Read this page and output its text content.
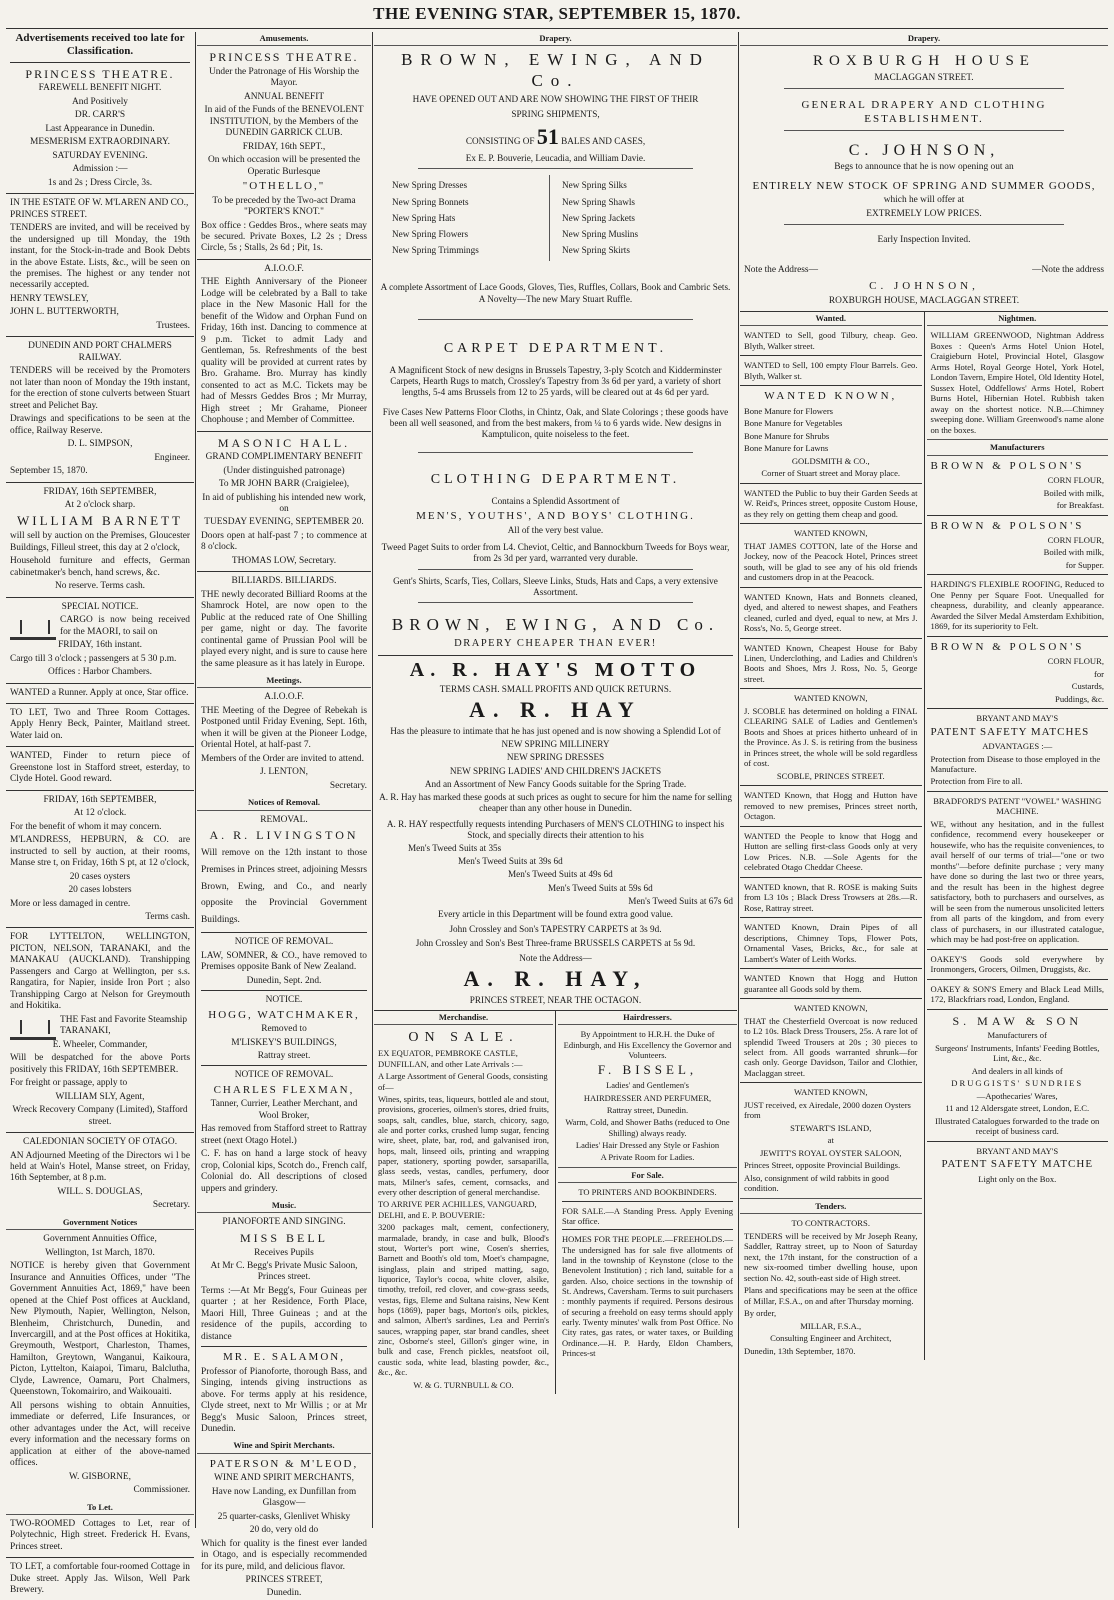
THE EVENING STAR, SEPTEMBER 15, 1870.
Advertisements received too late for Classification.

PRINCESS THEATRE.

FAREWELL BENEFIT NIGHT.

And Positively

DR. CARR'S

Last Appearance in Dunedin.

MESMERISM EXTRAORDINARY.

SATURDAY EVENING.

Admission :—

1s and 2s ; Dress Circle, 3s.

IN THE ESTATE OF W. M'LAREN AND CO., PRINCES STREET.

TENDERS are invited, and will be received by the undersigned up till Monday, the 19th instant, for the Stock-in-trade and Book Debts in the above Estate. Lists, &c., will be seen on the premises. The highest or any tender not necessarily accepted.

HENRY TEWSLEY,

JOHN L. BUTTERWORTH,

Trustees.

DUNEDIN AND PORT CHALMERS RAILWAY.

TENDERS will be received by the Promoters not later than noon of Monday the 19th instant, for the erection of stone culverts between Stuart street and Pelichet Bay.

Drawings and specifications to be seen at the office, Railway Reserve.

D. L. SIMPSON,

Engineer.

September 15, 1870.

FRIDAY, 16th SEPTEMBER,

At 2 o'clock sharp.

WILLIAM BARNETT

will sell by auction on the Premises, Gloucester Buildings, Filleul street, this day at 2 o'clock,

Household furniture and effects, German cabinetmaker's bench, hand screws, &c.

No reserve. Terms cash.

SPECIAL NOTICE.

CARGO is now being received for the MAORI, to sail on

FRIDAY, 16th instant.

Cargo till 3 o'clock ; passengers at 5 30 p.m.

Offices : Harbor Chambers.

WANTED a Runner. Apply at once, Star office.
TO LET, Two and Three Room Cottages. Apply Henry Beck, Painter, Maitland street. Water laid on.
WANTED, Finder to return piece of Greenstone lost in Stafford street, esterday, to Clyde Hotel. Good reward.

FRIDAY, 16th SEPTEMBER,

At 12 o'clock.

For the benefit of whom it may concern.

M'LANDRESS, HEPBURN, & CO. are instructed to sell by auction, at their rooms, Manse stre t, on Friday, 16th S pt, at 12 o'clock,

20 cases oysters

20 cases lobsters

More or less damaged in centre.

Terms cash.

FOR LYTTELTON, WELLINGTON, PICTON, NELSON, TARANAKI, and the MANAKAU (AUCKLAND). Transhipping Passengers and Cargo at Wellington, per s.s. Rangatira, for Napier, inside Iron Port ; also Transhipping Cargo at Nelson for Greymouth and Hokitika.

THE Fast and Favorite Steamship TARANAKI,

E. Wheeler, Commander,

Will be despatched for the above Ports positively this FRIDAY, 16th SEPTEMBER.

For freight or passage, apply to

WILLIAM SLY, Agent,

Wreck Recovery Company (Limited), Stafford street.

CALEDONIAN SOCIETY OF OTAGO.

AN Adjourned Meeting of the Directors wi l be held at Wain's Hotel, Manse street, on Friday, 16th September, at 8 p.m.

WILL. S. DOUGLAS,

Secretary.

Government Notices

Government Annuities Office,

Wellington, 1st March, 1870.

NOTICE is hereby given that Government Insurance and Annuities Offices, under "The Government Annuities Act, 1869," have been opened at the Chief Post offices at Auckland, New Plymouth, Napier, Wellington, Nelson, Blenheim, Christchurch, Dunedin, and Invercargill, and at the Post offices at Hokitika, Greymouth, Westport, Charleston, Thames, Hamilton, Greytown, Wanganui, Kaikoura, Picton, Lyttelton, Kaiapoi, Timaru, Balclutha, Clyde, Lawrence, Oamaru, Port Chalmers, Queenstown, Tokomairiro, and Waikouaiti.

All persons wishing to obtain Annuities, immediate or deferred, Life Insurances, or other advantages under the Act, will receive every information and the necessary forms on application at either of the above-named offices.

W. GISBORNE,

Commissioner.

To Let.
TWO-ROOMED Cottages to Let, rear of Polytechnic, High street. Frederick H. Evans, Princes street.
TO LET, a comfortable four-roomed Cottage in Duke street. Apply Jas. Wilson, Well Park Brewery.
Amusements.

PRINCESS THEATRE.

Under the Patronage of His Worship the Mayor.

ANNUAL BENEFIT

In aid of the Funds of the BENEVOLENT INSTITUTION, by the Members of the DUNEDIN GARRICK CLUB.

FRIDAY, 16th SEPT.,

On which occasion will be presented the Operatic Burlesque

"OTHELLO,"

To be preceded by the Two-act Drama "PORTER'S KNOT."

Box office : Geddes Bros., where seats may be secured. Private Boxes, L2 2s ; Dress Circle, 5s ; Stalls, 2s 6d ; Pit, 1s.

A.I.O.O.F.

THE Eighth Anniversary of the Pioneer Lodge will be celebrated by a Ball to take place in the New Masonic Hall for the benefit of the Widow and Orphan Fund on Friday, 16th inst. Dancing to commence at 9 p.m. Ticket to admit Lady and Gentleman, 5s. Refreshments of the best quality will be provided at current rates by Bro. Grahame. Bro. Murray has kindly consented to act as M.C. Tickets may be had of Messrs Geddes Bros ; Mr Murray, High street ; Mr Grahame, Pioneer Chophouse ; and Member of Committee.

MASONIC HALL.

GRAND COMPLIMENTARY BENEFIT

(Under distinguished patronage)

To MR JOHN BARR (Craigielee),

In aid of publishing his intended new work, on

TUESDAY EVENING, SEPTEMBER 20.

Doors open at half-past 7 ; to commence at 8 o'clock.

THOMAS LOW, Secretary.

BILLIARDS. BILLIARDS.

THE newly decorated Billiard Rooms at the Shamrock Hotel, are now open to the Public at the reduced rate of One Shilling per game, night or day. The favorite continental game of Prussian Pool will be played every night, and is sure to cause here the same pleasure as it has lately in Europe.

Meetings.

A.I.O.O.F.

THE Meeting of the Degree of Rebekah is Postponed until Friday Evening, Sept. 16th, when it will be given at the Pioneer Lodge, Oriental Hotel, at half-past 7.

Members of the Order are invited to attend.

J. LENTON,

Secretary.

Notices of Removal.

REMOVAL.

A. R. LIVINGSTON

Will remove on the 12th instant to those Premises in Princes street, adjoining Messrs Brown, Ewing, and Co., and nearly opposite the Provincial Government Buildings.

NOTICE OF REMOVAL.

LAW, SOMNER, & CO., have removed to Premises opposite Bank of New Zealand.

Dunedin, Sept. 2nd.

NOTICE.

HOGG, WATCHMAKER,

Removed to

M'LISKEY'S BUILDINGS,

Rattray street.

NOTICE OF REMOVAL.

CHARLES FLEXMAN,

Tanner, Currier, Leather Merchant, and Wool Broker,

Has removed from Stafford street to Rattray street (next Otago Hotel.)

C. F. has on hand a large stock of heavy crop, Colonial kips, Scotch do., French calf, Colonial do. All descriptions of closed uppers and grindery.

Music.

PIANOFORTE AND SINGING.

MISS BELL

Receives Pupils

At Mr C. Begg's Private Music Saloon, Princes street.

Terms :—At Mr Begg's, Four Guineas per quarter ; at her Residence, Forth Place, Maori Hill, Three Guineas ; and at the residence of the pupils, according to distance

MR. E. SALAMON,

Professor of Pianoforte, thorough Bass, and Singing, intends giving instructions as above. For terms apply at his residence, Clyde street, next to Mr Willis ; or at Mr Begg's Music Saloon, Princes street, Dunedin.

Wine and Spirit Merchants.

PATERSON & M'LEOD,

WINE AND SPIRIT MERCHANTS,

Have now Landing, ex Dunfillan from Glasgow—

25 quarter-casks, Glenlivet Whisky

20 do, very old do

Which for quality is the finest ever landed in Otago, and is especially recommended for its pure, mild, and delicious flavor.

PRINCES STREET,

Dunedin.

Drapery.

BROWN, EWING, AND Co.

HAVE OPENED OUT AND ARE NOW SHOWING THE FIRST OF THEIR

SPRING SHIPMENTS,

CONSISTING OF 51 BALES AND CASES,

Ex E. P. Bouverie, Leucadia, and William Davie.

New Spring Dresses
New Spring Bonnets
New Spring Hats
New Spring Flowers
New Spring Trimmings
New Spring Silks
New Spring Shawls
New Spring Jackets
New Spring Muslins
New Spring Skirts

A complete Assortment of Lace Goods, Gloves, Ties, Ruffles, Collars, Book and Cambric Sets. A Novelty—The new Mary Stuart Ruffle.

CARPET DEPARTMENT.

A Magnificent Stock of new designs in Brussels Tapestry, 3-ply Scotch and Kidderminster Carpets, Hearth Rugs to match, Crossley's Tapestry from 3s 6d per yard, a variety of short lengths, 5-4 ams Brussels from 12 to 25 yards, will be cleared out at 4s 6d per yard.

Five Cases New Patterns Floor Cloths, in Chintz, Oak, and Slate Colorings ; these goods have been all well seasoned, and from the best makers, from ¼ to 6 yards wide. New designs in Kamptulicon, quite noiseless to the feet.

CLOTHING DEPARTMENT.

Contains a Splendid Assortment of

MEN'S, YOUTHS', AND BOYS' CLOTHING.

All of the very best value.

Tweed Paget Suits to order from L4. Cheviot, Celtic, and Bannockburn Tweeds for Boys wear, from 2s 3d per yard, warranted very durable.

Gent's Shirts, Scarfs, Ties, Collars, Sleeve Links, Studs, Hats and Caps, a very extensive Assortment.

BROWN, EWING, AND Co.

DRAPERY CHEAPER THAN EVER!

A. R. HAY'S MOTTO

TERMS CASH. SMALL PROFITS AND QUICK RETURNS.

A. R. HAY

Has the pleasure to intimate that he has just opened and is now showing a Splendid Lot of

NEW SPRING MILLINERY

NEW SPRING DRESSES

NEW SPRING LADIES' AND CHILDREN'S JACKETS

And an Assortment of New Fancy Goods suitable for the Spring Trade.

A. R. Hay has marked these goods at such prices as ought to secure for him the name for selling cheaper than any other house in Dunedin.

A. R. HAY respectfully requests intending Purchasers of MEN'S CLOTHING to inspect his Stock, and specially directs their attention to his

Men's Tweed Suits at 35s

Men's Tweed Suits at 39s 6d

Men's Tweed Suits at 49s 6d

Men's Tweed Suits at 59s 6d

Men's Tweed Suits at 67s 6d

Every article in this Department will be found extra good value.

John Crossley and Son's TAPESTRY CARPETS at 3s 9d.

John Crossley and Son's Best Three-frame BRUSSELS CARPETS at 5s 9d.

Note the Address—

A. R. HAY,

PRINCES STREET, NEAR THE OCTAGON.

Merchandise.

ON SALE.

EX EQUATOR, PEMBROKE CASTLE, DUNFILLAN, and other Late Arrivals :—

A Large Assortment of General Goods, consisting of—

Wines, spirits, teas, liqueurs, bottled ale and stout, provisions, groceries, oilmen's stores, dried fruits, soaps, salt, candles, blue, starch, chicory, sago, ale and porter corks, crushed lump sugar, fencing wire, sheet, plate, bar, rod, and galvanised iron, hops, malt, linseed oils, printing and wrapping paper, stationery, sporting powder, sarsaparilla, glass seeds, vestas, candles, perfumery, door mats, Milner's safes, cement, cornsacks, and every other description of general merchandise.

TO ARRIVE PER ACHILLES, VANGUARD, DELHI, and E. P. BOUVERIE:

3200 packages malt, cement, confectionery, marmalade, brandy, in case and bulk, Blood's stout, Worter's port wine, Cosen's sherries, Barnett and Booth's old tom, Moet's champagne, isinglass, plain and striped matting, sago, liquorice, Taylor's cocoa, white clover, alsike, timothy, trefoil, red clover, and cow-grass seeds, vestas, figs, Eleme and Sultana raisins, New Kent hops (1869), paper bags, Morton's oils, pickles, and salmon, Albert's sardines, Lea and Perrin's sauces, wrapping paper, star brand candles, sheet zinc, Osborne's steel, Gillon's ginger wine, in bulk and case, French pickles, neatsfoot oil, caustic soda, white lead, blasting powder, &c., &c., &c.

W. & G. TURNBULL & CO.

Hairdressers.

By Appointment to H.R.H. the Duke of Edinburgh, and His Excellency the Governor and Volunteers.

F. BISSEL,

Ladies' and Gentlemen's

HAIRDRESSER AND PERFUMER,

Rattray street, Dunedin.

Warm, Cold, and Shower Baths (reduced to One Shilling) always ready.

Ladies' Hair Dressed any Style or Fashion

A Private Room for Ladies.

For Sale.

TO PRINTERS AND BOOKBINDERS.

FOR SALE.—A Standing Press. Apply Evening Star office.

HOMES FOR THE PEOPLE.—FREEHOLDS.—The undersigned has for sale five allotments of land in the township of Keynstone (close to the Benevolent Institution) ; rich land, suitable for a garden. Also, choice sections in the township of St. Andrews, Caversham. Terms to suit purchasers : monthly payments if required. Persons desirous of securing a freehold on easy terms should apply early. Twenty minutes' walk from Post Office. No City rates, gas rates, or water taxes, or Building Ordinance.—H. P. Hardy, Eldon Chambers, Princes-st

Drapery.

ROXBURGH HOUSE

MACLAGGAN STREET.

GENERAL DRAPERY AND CLOTHING ESTABLISHMENT.

C. JOHNSON,

Begs to announce that he is now opening out an

ENTIRELY NEW STOCK OF SPRING AND SUMMER GOODS,

which he will offer at

EXTREMELY LOW PRICES.

Early Inspection Invited.

Note the Address—	—Note the address

C. JOHNSON,

ROXBURGH HOUSE, MACLAGGAN STREET.

Wanted.
WANTED to Sell, good Tilbury, cheap. Geo. Blyth, Walker street.
WANTED to Sell, 100 empty Flour Barrels. Geo. Blyth, Walker st.

WANTED KNOWN,

Bone Manure for Flowers

Bone Manure for Vegetables

Bone Manure for Shrubs

Bone Manure for Lawns

GOLDSMITH & CO.,

Corner of Stuart street and Moray place.

WANTED the Public to buy their Garden Seeds at W. Reid's, Princes street, opposite Custom House, as they rely on getting them cheap and good.

WANTED KNOWN,

THAT JAMES COTTON, late of the Horse and Jockey, now of the Peacock Hotel, Princes street south, will be glad to see any of his old friends and customers drop in at the Peacock.

WANTED Known, Hats and Bonnets cleaned, dyed, and altered to newest shapes, and Feathers cleaned, curled and dyed, equal to new, at Mrs J. Ross's, No. 5, George street.
WANTED Known, Cheapest House for Baby Linen, Underclothing, and Ladies and Children's Boots and Shoes, Mrs J. Ross, No. 5, George street.

WANTED KNOWN,

J. SCOBLE has determined on holding a FINAL CLEARING SALE of Ladies and Gentlemen's Boots and Shoes at prices hitherto unheard of in the Province. As J. S. is retiring from the business in Princes street, the whole will be sold regardless of cost.

SCOBLE, PRINCES STREET.

WANTED Known, that Hogg and Hutton have removed to new premises, Princes street north, Octagon.
WANTED the People to know that Hogg and Hutton are selling first-class Goods only at very Low Prices. N.B. —Sole Agents for the celebrated Otago Cheddar Cheese.
WANTED known, that R. ROSE is making Suits from L3 10s ; Black Dress Trowsers at 28s.—R. Rose, Rattray street.
WANTED Known, Drain Pipes of all descriptions, Chimney Tops, Flower Pots, Ornamental Vases, Bricks, &c., for sale at Lambert's Water of Leith Works.
WANTED Known that Hogg and Hutton guarantee all Goods sold by them.

WANTED KNOWN,

THAT the Chesterfield Overcoat is now reduced to L2 10s. Black Dress Trousers, 25s. A rare lot of splendid Tweed Trousers at 20s ; 30 pieces to select from. All goods warranted shrunk—for cash only. George Davidson, Tailor and Clothier, Maclaggan street.

WANTED KNOWN,

JUST received, ex Airedale, 2000 dozen Oysters from

STEWART'S ISLAND,

at

JEWITT'S ROYAL OYSTER SALOON,

Princes Street, opposite Provincial Buildings.

Also, consignment of wild rabbits in good condition.

Tenders.

TO CONTRACTORS.

TENDERS will be received by Mr Joseph Reany, Saddler, Rattray street, up to Noon of Saturday next, the 17th instant, for the construction of a new six-roomed timber dwelling house, upon section No. 42, south-east side of High street.

Plans and specifications may be seen at the office of Millar, F.S.A., on and after Thursday morning.

By order,

MILLAR, F.S.A.,

Consulting Engineer and Architect,

Dunedin, 13th September, 1870.

Nightmen.
WILLIAM GREENWOOD, Nightman Address Boxes : Queen's Arms Hotel Union Hotel, Craigieburn Hotel, Provincial Hotel, Glasgow Arms Hotel, Royal George Hotel, York Hotel, London Tavern, Empire Hotel, Old Identity Hotel, Sussex Hotel, Oddfellows' Arms Hotel, Robert Burns Hotel, Hibernian Hotel. Rubbish taken away on the shortest notice. N.B.—Chimney sweeping done. William Greenwood's name alone on the boxes.
Manufacturers

BROWN & POLSON'S

CORN FLOUR,

Boiled with milk,

for Breakfast.

BROWN & POLSON'S

CORN FLOUR,

Boiled with milk,

for Supper.

HARDING'S FLEXIBLE ROOFING, Reduced to One Penny per Square Foot. Unequalled for cheapness, durability, and cleanly appearance. Awarded the Silver Medal Amsterdam Exhibition, 1869, for its superiority to Felt.

BROWN & POLSON'S

CORN FLOUR,

for

Custards,

Puddings, &c.

BRYANT AND MAY'S

PATENT SAFETY MATCHES

ADVANTAGES :—

Protection from Disease to those employed in the Manufacture.

Protection from Fire to all.

BRADFORD'S PATENT "VOWEL" WASHING MACHINE.

WE, without any hesitation, and in the fullest confidence, recommend every housekeeper or housewife, who has the requisite conveniences, to avail herself of our terms of trial—"one or two months"—before definite purchase ; very many have done so during the last two or three years, and the result has been in the highest degree satisfactory, both to purchasers and ourselves, as will be seen from the numerous unsolicited letters from all parts of the kingdom, and from every class of purchasers, in our illustrated catalogue, which may be had post-free on application.

OAKEY'S Goods sold everywhere by Ironmongers, Grocers, Oilmen, Druggists, &c.
OAKEY & SON'S Emery and Black Lead Mills, 172, Blackfriars road, London, England.

S. MAW & SON

Manufacturers of

Surgeons' Instruments, Infants' Feeding Bottles, Lint, &c., &c.

And dealers in all kinds of

DRUGGISTS' SUNDRIES

—Apothecaries' Wares,

11 and 12 Aldersgate street, London, E.C.

Illustrated Catalogues forwarded to the trade on receipt of business card.

BRYANT AND MAY'S

PATENT SAFETY MATCHE

Light only on the Box.
